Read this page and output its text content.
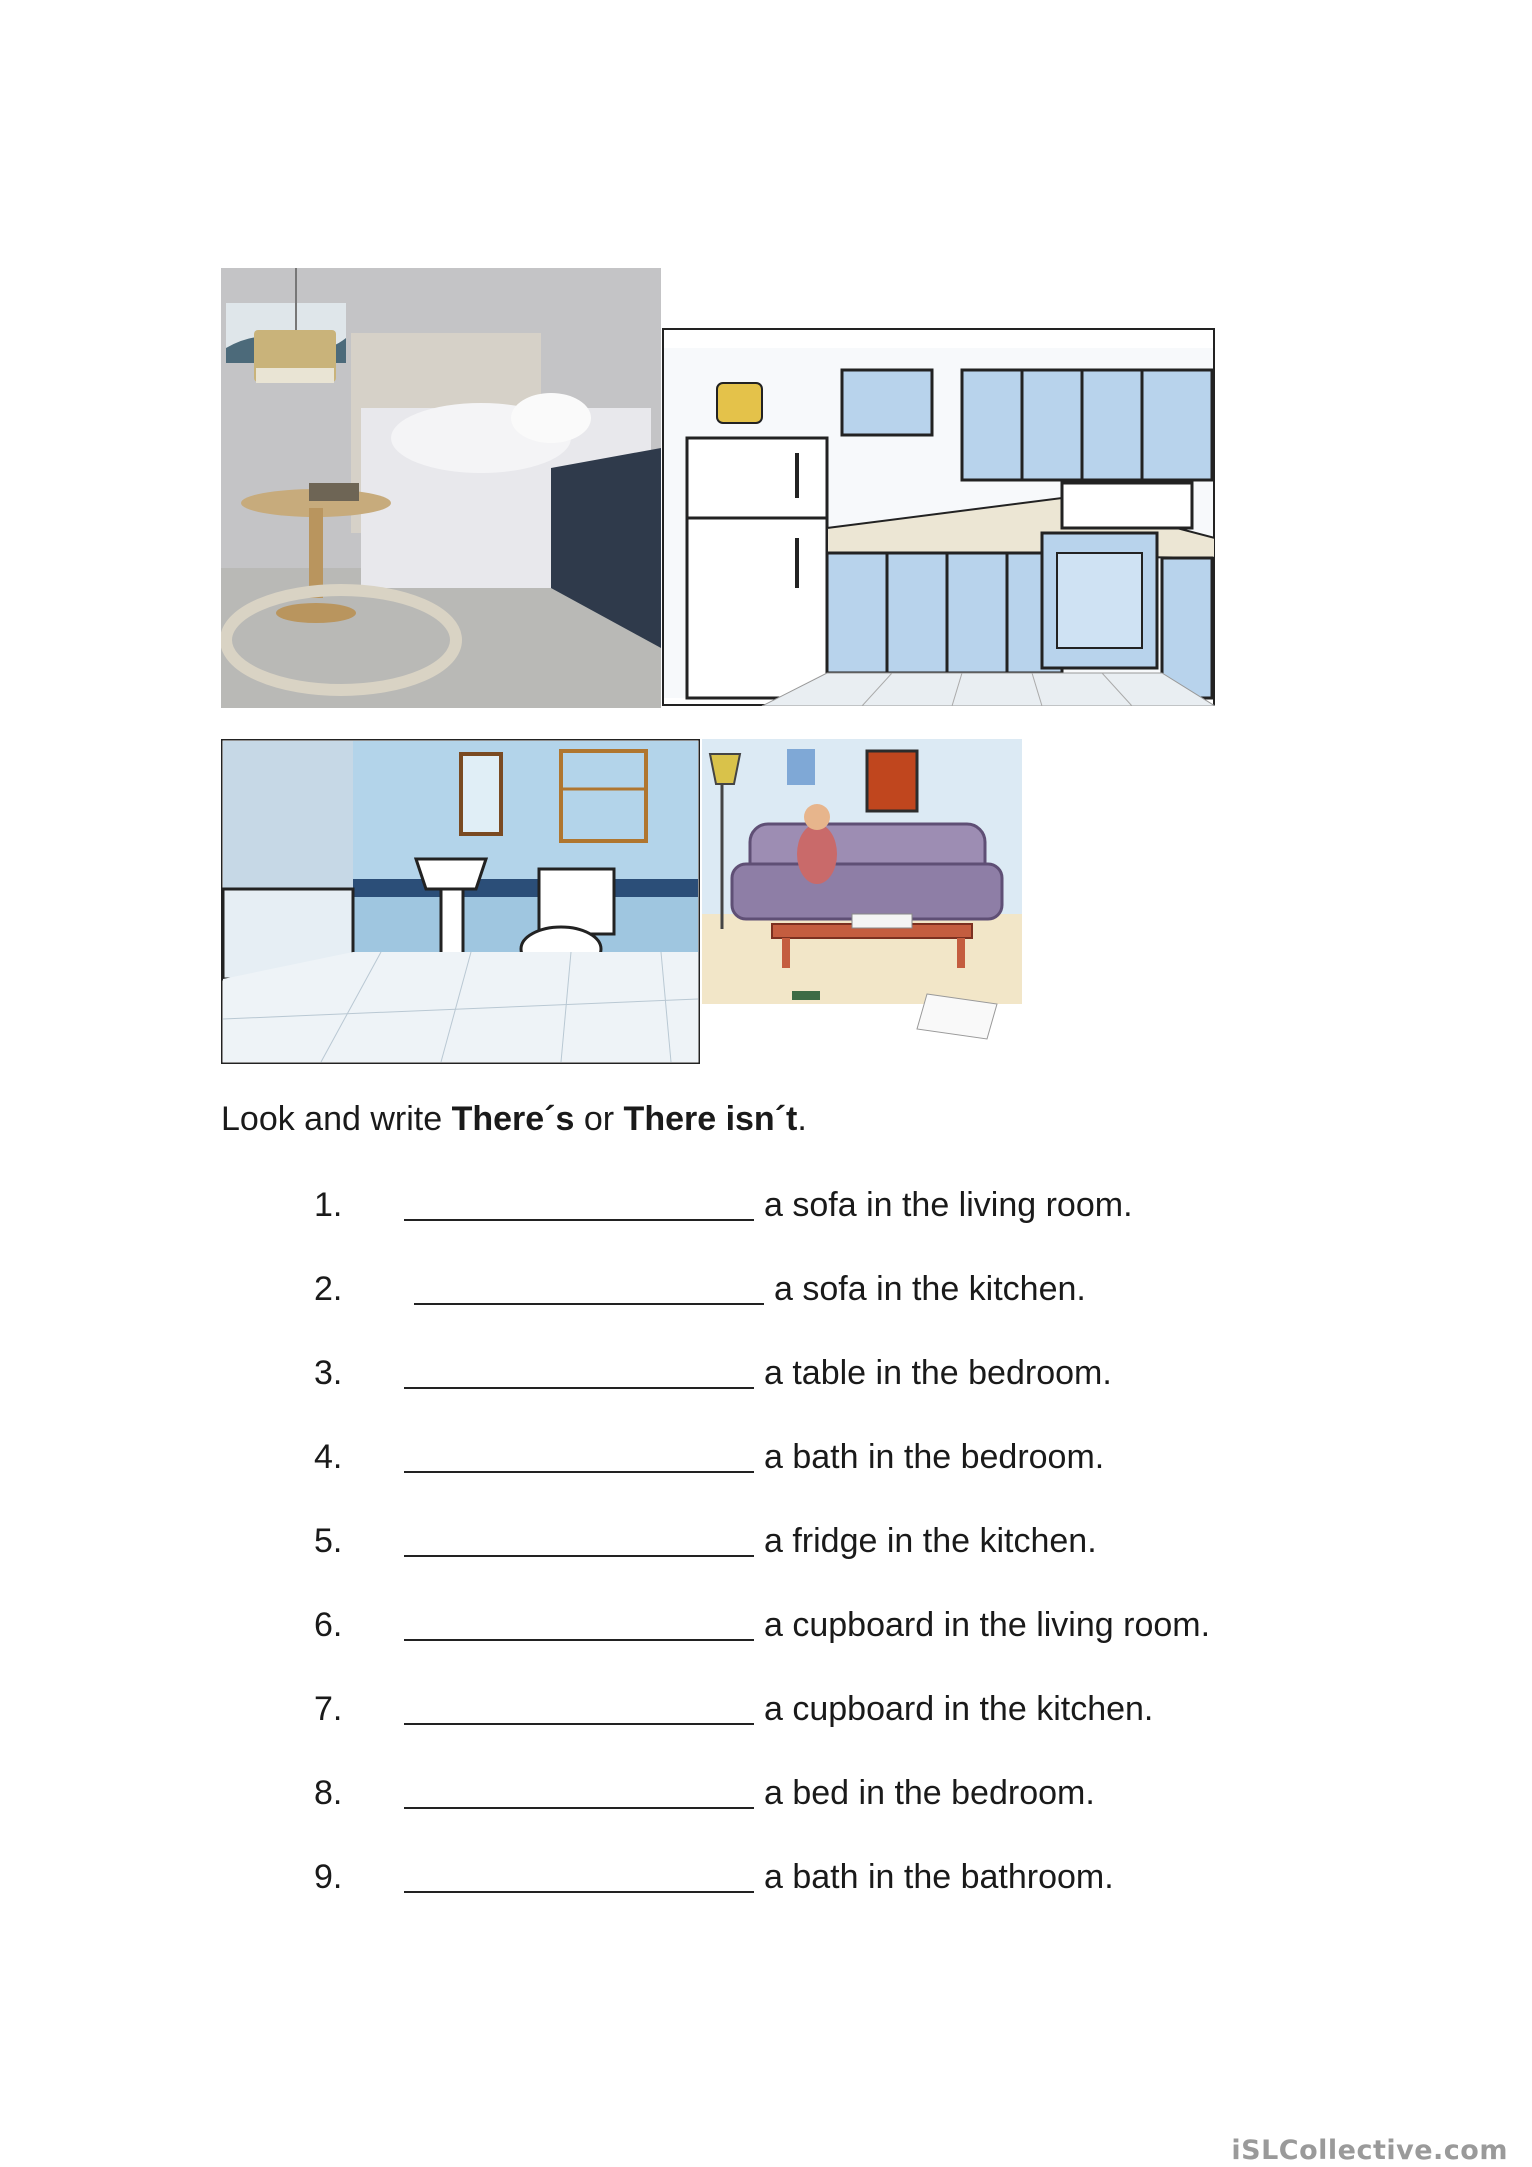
Look and write There´s or There isn´t.
1.	a sofa in the living room.
2.	a sofa in the kitchen.
3.	a table in the bedroom.
4.	a bath in the bedroom.
5.	a fridge in the kitchen.
6.	a cupboard in the living room.
7.	a cupboard in the kitchen.
8.	a bed in the bedroom.
9.	a bath in the bathroom.
iSLCollective.com
